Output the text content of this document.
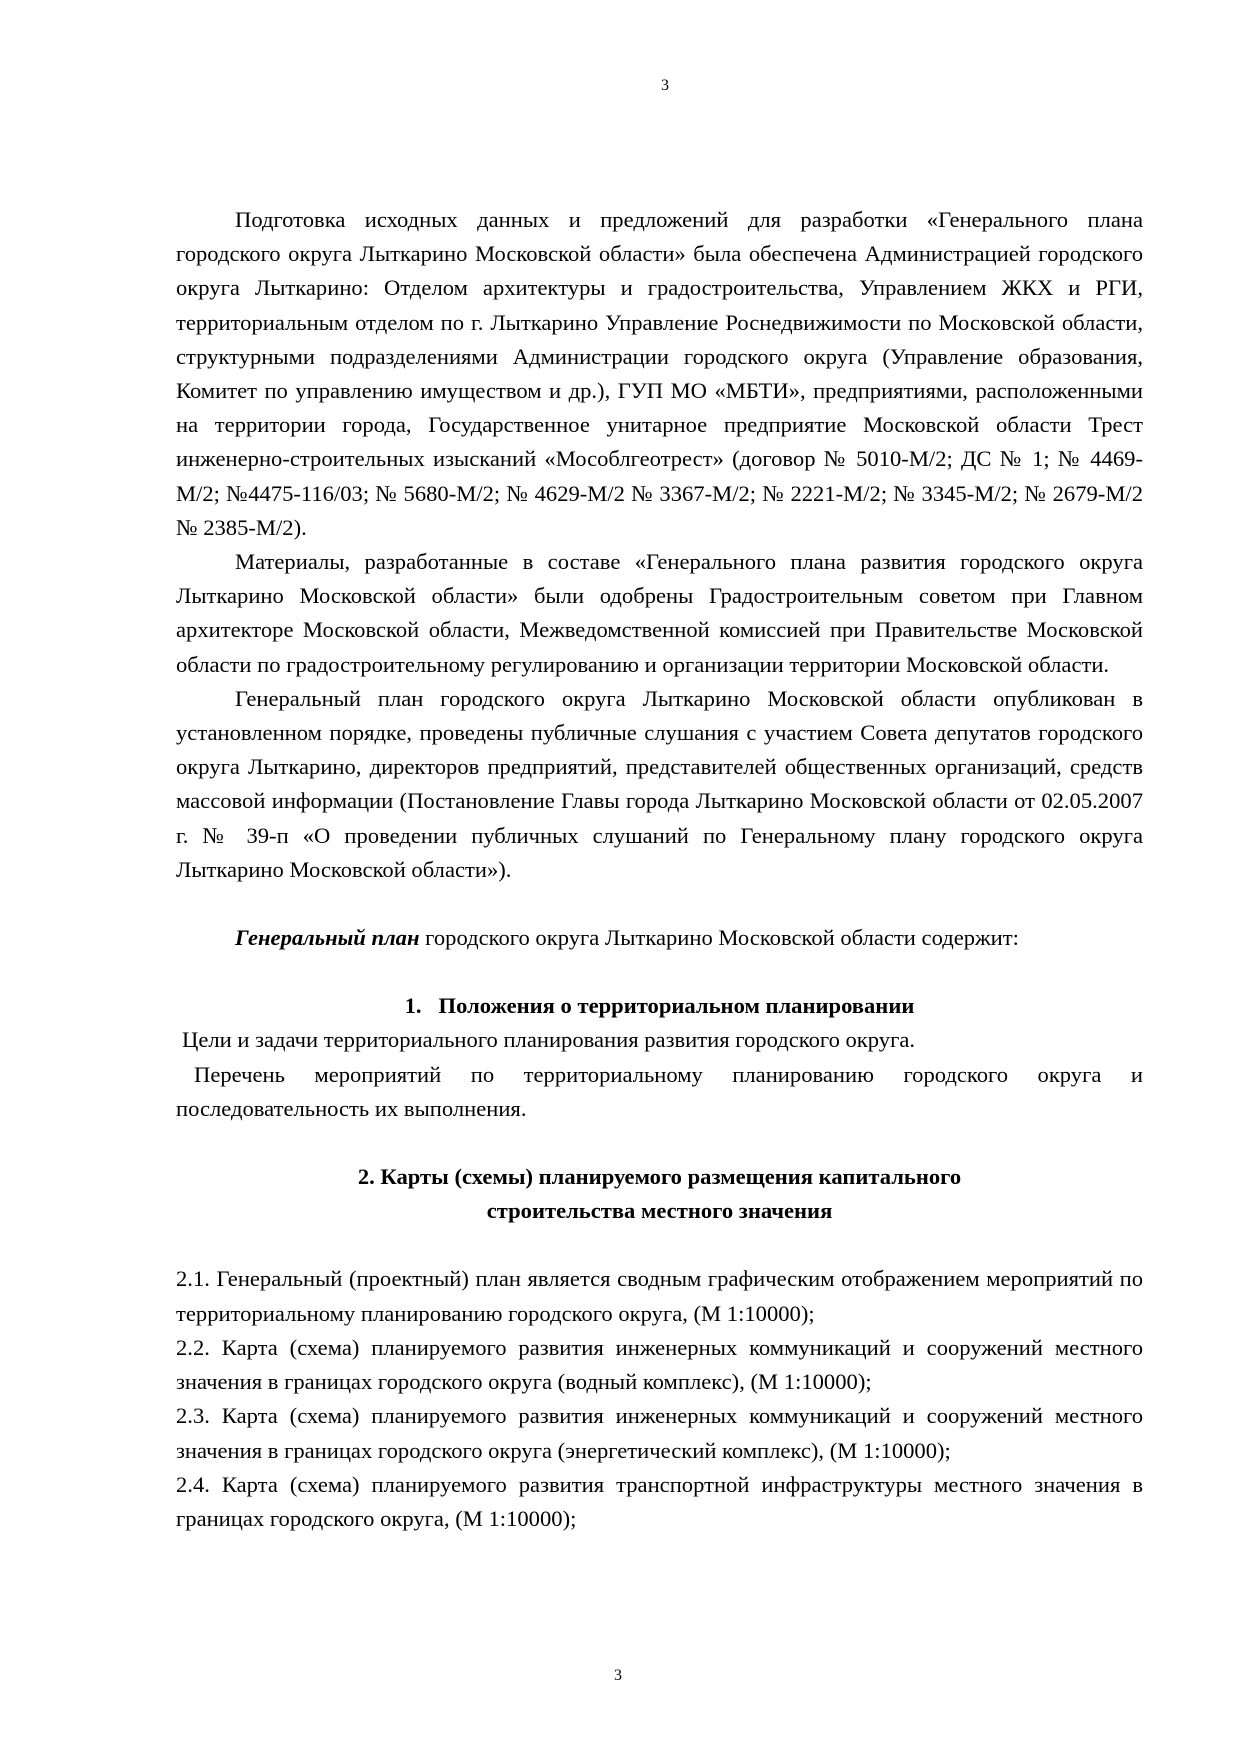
3

Подготовка исходных данных и предложений для разработки «Генерального плана городского округа Лыткарино Московской области» была обеспечена Администрацией городского округа Лыткарино: Отделом архитектуры и градостроительства, Управлением ЖКХ и РГИ, территориальным отделом по г. Лыткарино Управление Роснедвижимости по Московской области, структурными подразделениями Администрации городского округа (Управление образования, Комитет по управлению имуществом и др.), ГУП МО «МБТИ», предприятиями, расположенными на территории города, Государственное унитарное предприятие Московской области Трест инженерно-строительных изысканий «Мособлгеотрест» (договор № 5010-М/2; ДС № 1; № 4469-М/2; №4475-116/03; № 5680-М/2; № 4629-М/2 № 3367-М/2; № 2221-М/2; № 3345-М/2; № 2679-М/2 № 2385-М/2).

Материалы, разработанные в составе «Генерального плана развития городского округа Лыткарино Московской области» были одобрены Градостроительным советом при Главном архитекторе Московской области, Межведомственной комиссией при Правительстве Московской области по градостроительному регулированию и организации территории Московской области.

Генеральный план городского округа Лыткарино Московской области опубликован в установленном порядке, проведены публичные слушания с участием Совета депутатов городского округа Лыткарино, директоров предприятий, представителей общественных организаций, средств массовой информации (Постановление Главы города Лыткарино Московской области от 02.05.2007 г. № 39-п «О проведении публичных слушаний по Генеральному плану городского округа Лыткарино Московской области»).

Генеральный план городского округа Лыткарино Московской области содержит:

1. Положения о территориальном планировании

Цели и задачи территориального планирования развития городского округа.

Перечень мероприятий по территориальному планированию городского округа и последовательность их выполнения.

2. Карты (схемы) планируемого размещения капитального
строительства местного значения

2.1. Генеральный (проектный) план является сводным графическим отображением мероприятий по территориальному планированию городского округа, (М 1:10000);

2.2. Карта (схема) планируемого развития инженерных коммуникаций и сооружений местного значения в границах городского округа (водный комплекс), (М 1:10000);

2.3. Карта (схема) планируемого развития инженерных коммуникаций и сооружений местного значения в границах городского округа (энергетический комплекс), (М 1:10000);

2.4. Карта (схема) планируемого развития транспортной инфраструктуры местного значения в границах городского округа, (М 1:10000);

3
